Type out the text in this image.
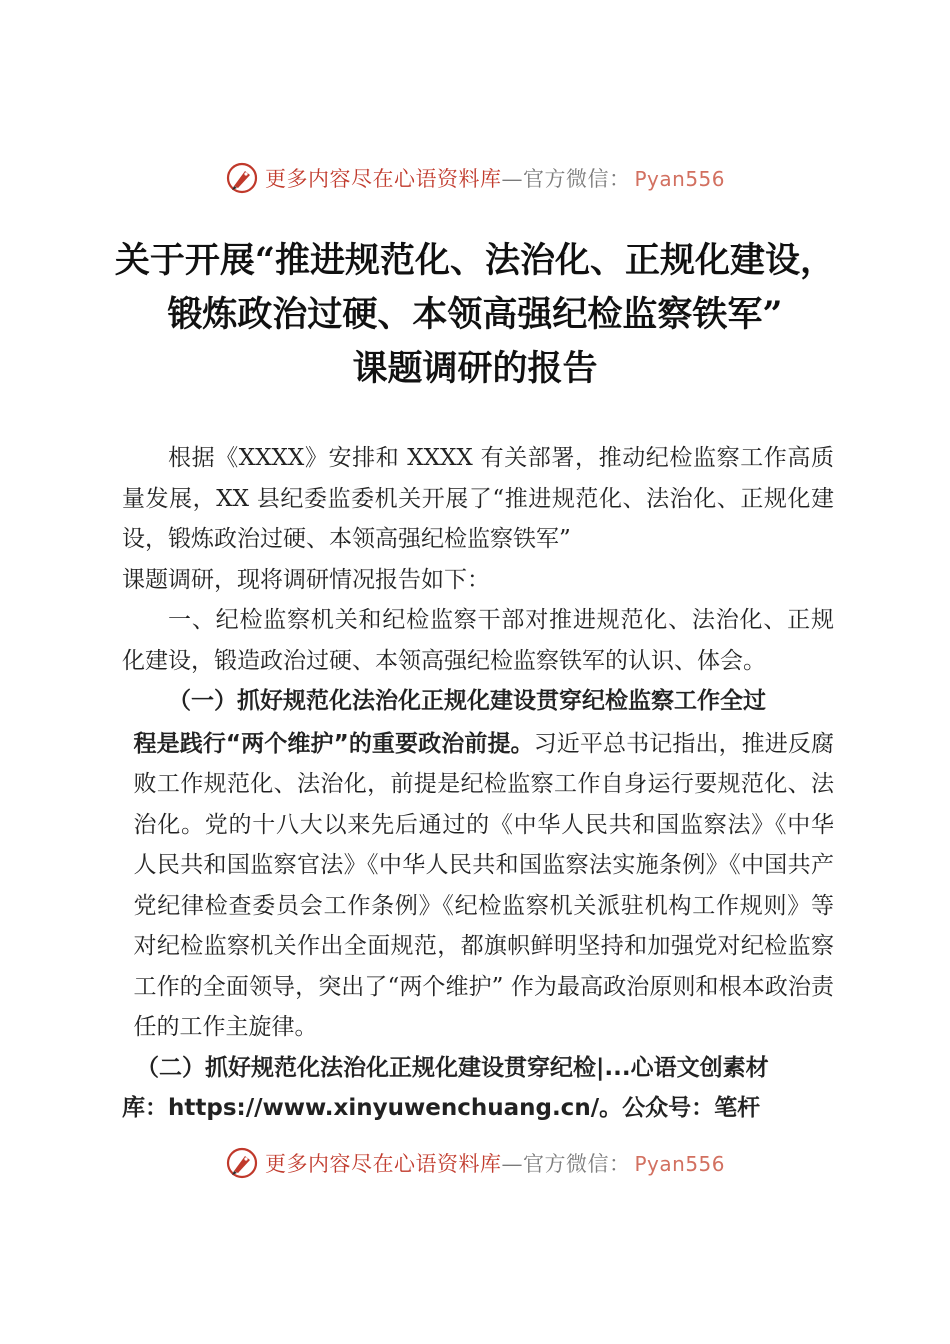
更多内容尽在心语资料库—官方微信： Pyan556
关于开展“推进规范化、法治化、正规化建设，
锻炼政治过硬、本领高强纪检监察铁军”
课题调研的报告

根据《XXXX》安排和 XXXX 有关部署，推动纪检监察工作高质量发展，XX 县纪委监委机关开展了“推进规范化、法治化、正规化建设，锻炼政治过硬、本领高强纪检监察铁军”

课题调研，现将调研情况报告如下：

一、纪检监察机关和纪检监察干部对推进规范化、法治化、正规化建设，锻造政治过硬、本领高强纪检监察铁军的认识、体会。

（一）抓好规范化法治化正规化建设贯穿纪检监察工作全过

程是践行“两个维护”的重要政治前提。习近平总书记指出，推进反腐败工作规范化、法治化，前提是纪检监察工作自身运行要规范化、法治化。党的十八大以来先后通过的《中华人民共和国监察法》《中华人民共和国监察官法》《中华人民共和国监察法实施条例》《中国共产党纪律检查委员会工作条例》《纪检监察机关派驻机构工作规则》等对纪检监察机关作出全面规范，都旗帜鲜明坚持和加强党对纪检监察工作的全面领导，突出了“两个维护” 作为最高政治原则和根本政治责任的工作主旋律。

（二）抓好规范化法治化正规化建设贯穿纪检|...心语文创素材

库：https://www.xinyuwenchuang.cn/。公众号：笔杆

更多内容尽在心语资料库—官方微信： Pyan556
